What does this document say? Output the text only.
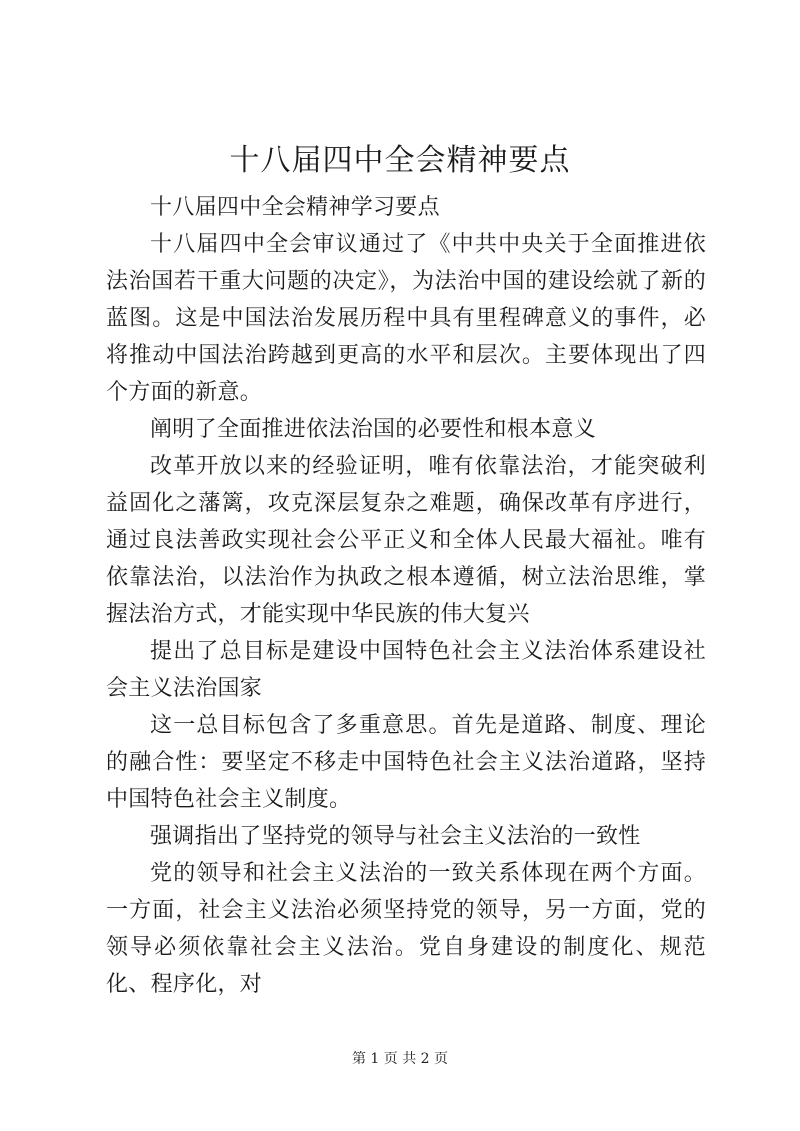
十八届四中全会精神要点

十八届四中全会精神学习要点

十八届四中全会审议通过了《中共中央关于全面推进依法治国若干重大问题的决定》，为法治中国的建设绘就了新的蓝图。这是中国法治发展历程中具有里程碑意义的事件，必将推动中国法治跨越到更高的水平和层次。主要体现出了四个方面的新意。

阐明了全面推进依法治国的必要性和根本意义

改革开放以来的经验证明，唯有依靠法治，才能突破利益固化之藩篱，攻克深层复杂之难题，确保改革有序进行，通过良法善政实现社会公平正义和全体人民最大福祉。唯有依靠法治，以法治作为执政之根本遵循，树立法治思维，掌握法治方式，才能实现中华民族的伟大复兴

提出了总目标是建设中国特色社会主义法治体系建设社会主义法治国家

这一总目标包含了多重意思。首先是道路、制度、理论的融合性：要坚定不移走中国特色社会主义法治道路，坚持中国特色社会主义制度。

强调指出了坚持党的领导与社会主义法治的一致性

党的领导和社会主义法治的一致关系体现在两个方面。一方面，社会主义法治必须坚持党的领导，另一方面，党的领导必须依靠社会主义法治。党自身建设的制度化、规范化、程序化，对

第 1 页 共 2 页
